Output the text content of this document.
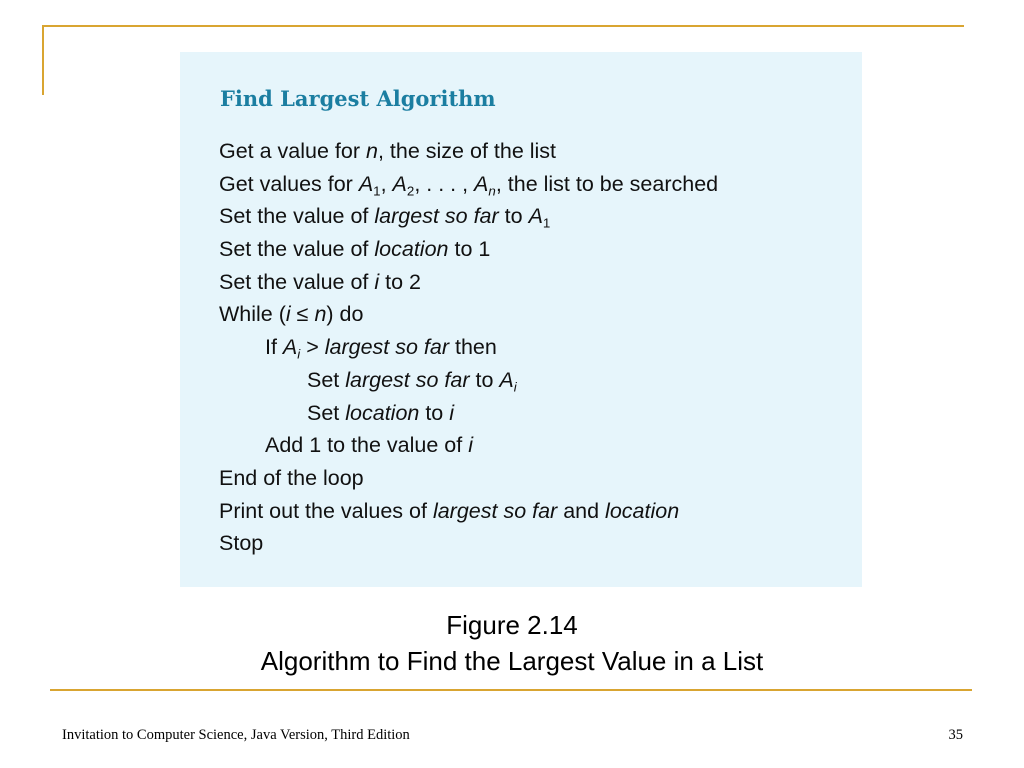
Find Largest Algorithm
Get a value for n, the size of the list
Get values for $A_1$, $A_2$, . . . , $A_n$, the list to be searched
Set the value of largest so far to $A_1$
Set the value of location to 1
Set the value of i to 2
While (i ≤ n) do
If $A_i$ > largest so far then
Set largest so far to $A_i$
Set location to i
Add 1 to the value of i
End of the loop
Print out the values of largest so far and location
Stop
Figure 2.14
Algorithm to Find the Largest Value in a List
Invitation to Computer Science, Java Version, Third Edition	35
